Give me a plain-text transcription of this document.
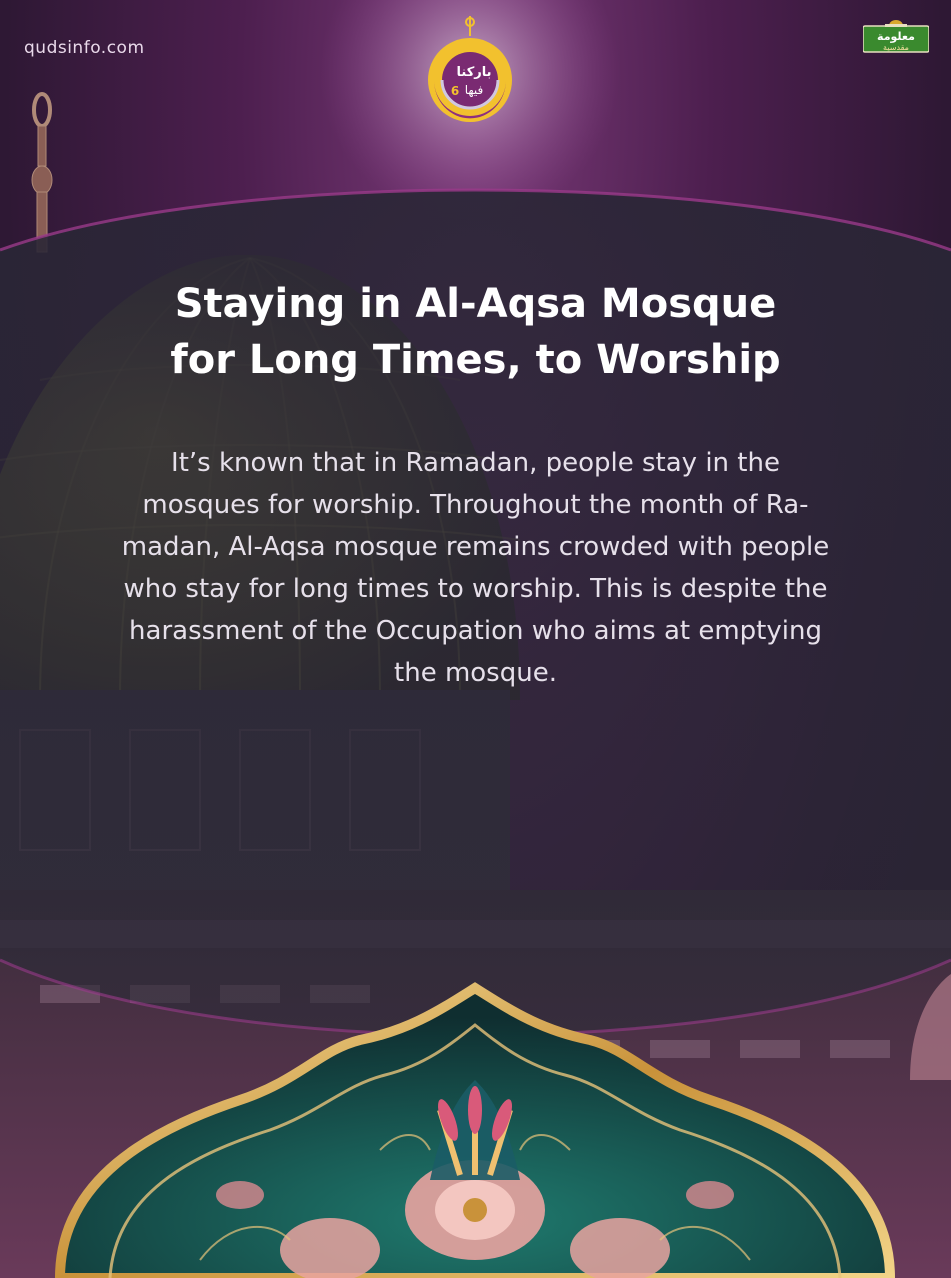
qudsinfo.com
معلومة
مقدسية
باركنا
فيها
6
Staying in Al-Aqsa Mosque
for Long Times, to Worship
It’s known that in Ramadan, people stay in the
mosques for worship. Throughout the month of Ra-
madan, Al-Aqsa mosque remains crowded with people
who stay for long times to worship. This is despite the
harassment of the Occupation who aims at emptying
the mosque.
